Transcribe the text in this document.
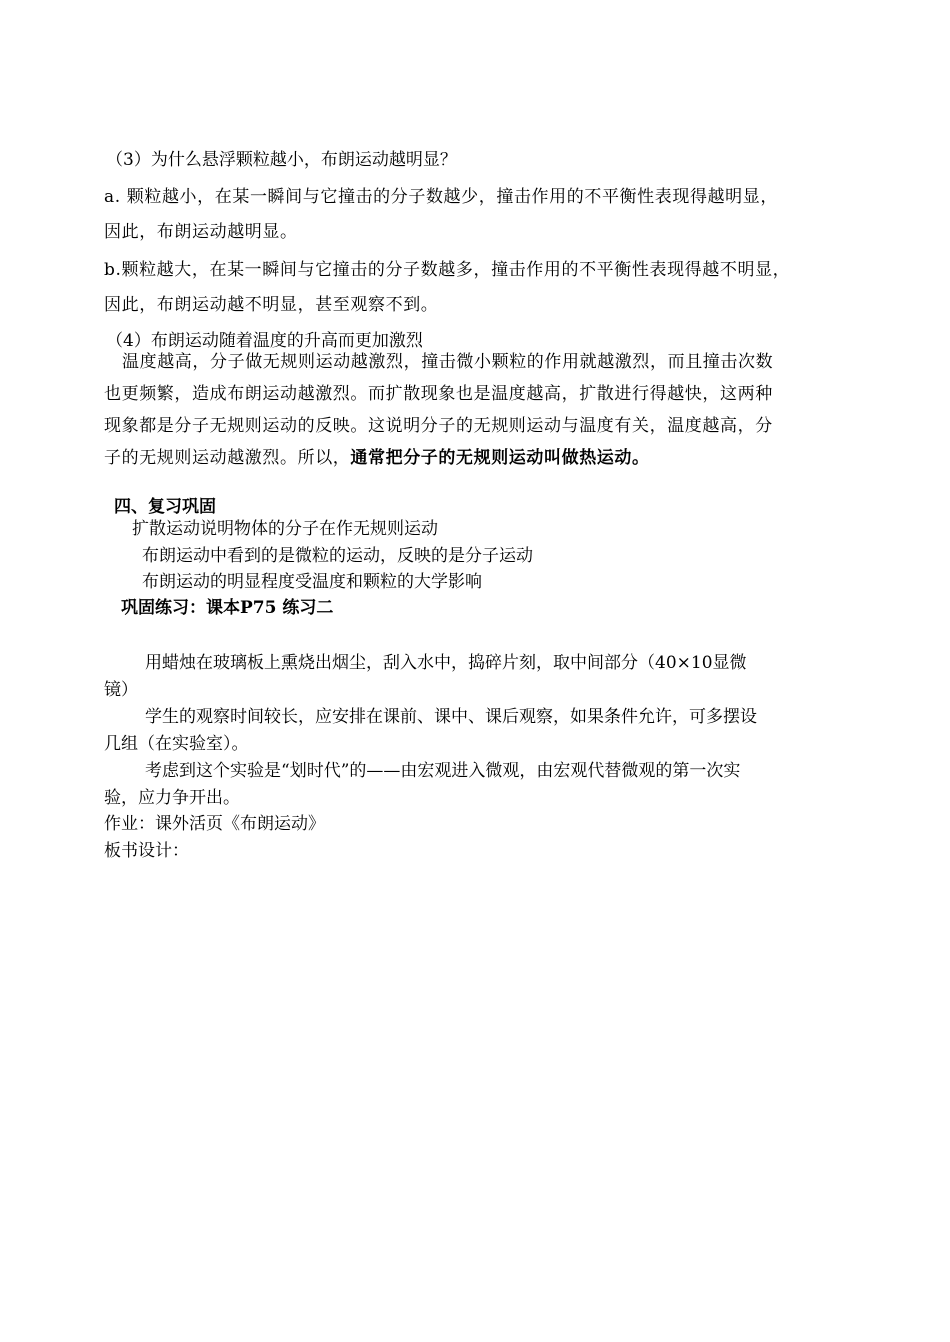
（3）为什么悬浮颗粒越小，布朗运动越明显？
a. 颗粒越小，在某一瞬间与它撞击的分子数越少，撞击作用的不平衡性表现得越明显，
因此，布朗运动越明显。
b.颗粒越大，在某一瞬间与它撞击的分子数越多，撞击作用的不平衡性表现得越不明显，
因此，布朗运动越不明显，甚至观察不到。
（4）布朗运动随着温度的升高而更加激烈
温度越高，分子做无规则运动越激烈，撞击微小颗粒的作用就越激烈，而且撞击次数
也更频繁，造成布朗运动越激烈。而扩散现象也是温度越高，扩散进行得越快，这两种
现象都是分子无规则运动的反映。这说明分子的无规则运动与温度有关，温度越高，分
子的无规则运动越激烈。所以，通常把分子的无规则运动叫做热运动。
四、复习巩固
扩散运动说明物体的分子在作无规则运动
布朗运动中看到的是微粒的运动，反映的是分子运动
布朗运动的明显程度受温度和颗粒的大学影响
巩固练习：课本P75 练习二
用蜡烛在玻璃板上熏烧出烟尘，刮入水中，捣碎片刻，取中间部分（40×10显微
镜）
学生的观察时间较长，应安排在课前、课中、课后观察，如果条件允许，可多摆设
几组（在实验室）。
考虑到这个实验是“划时代”的——由宏观进入微观，由宏观代替微观的第一次实
验，应力争开出。
作业：课外活页《布朗运动》
板书设计：
